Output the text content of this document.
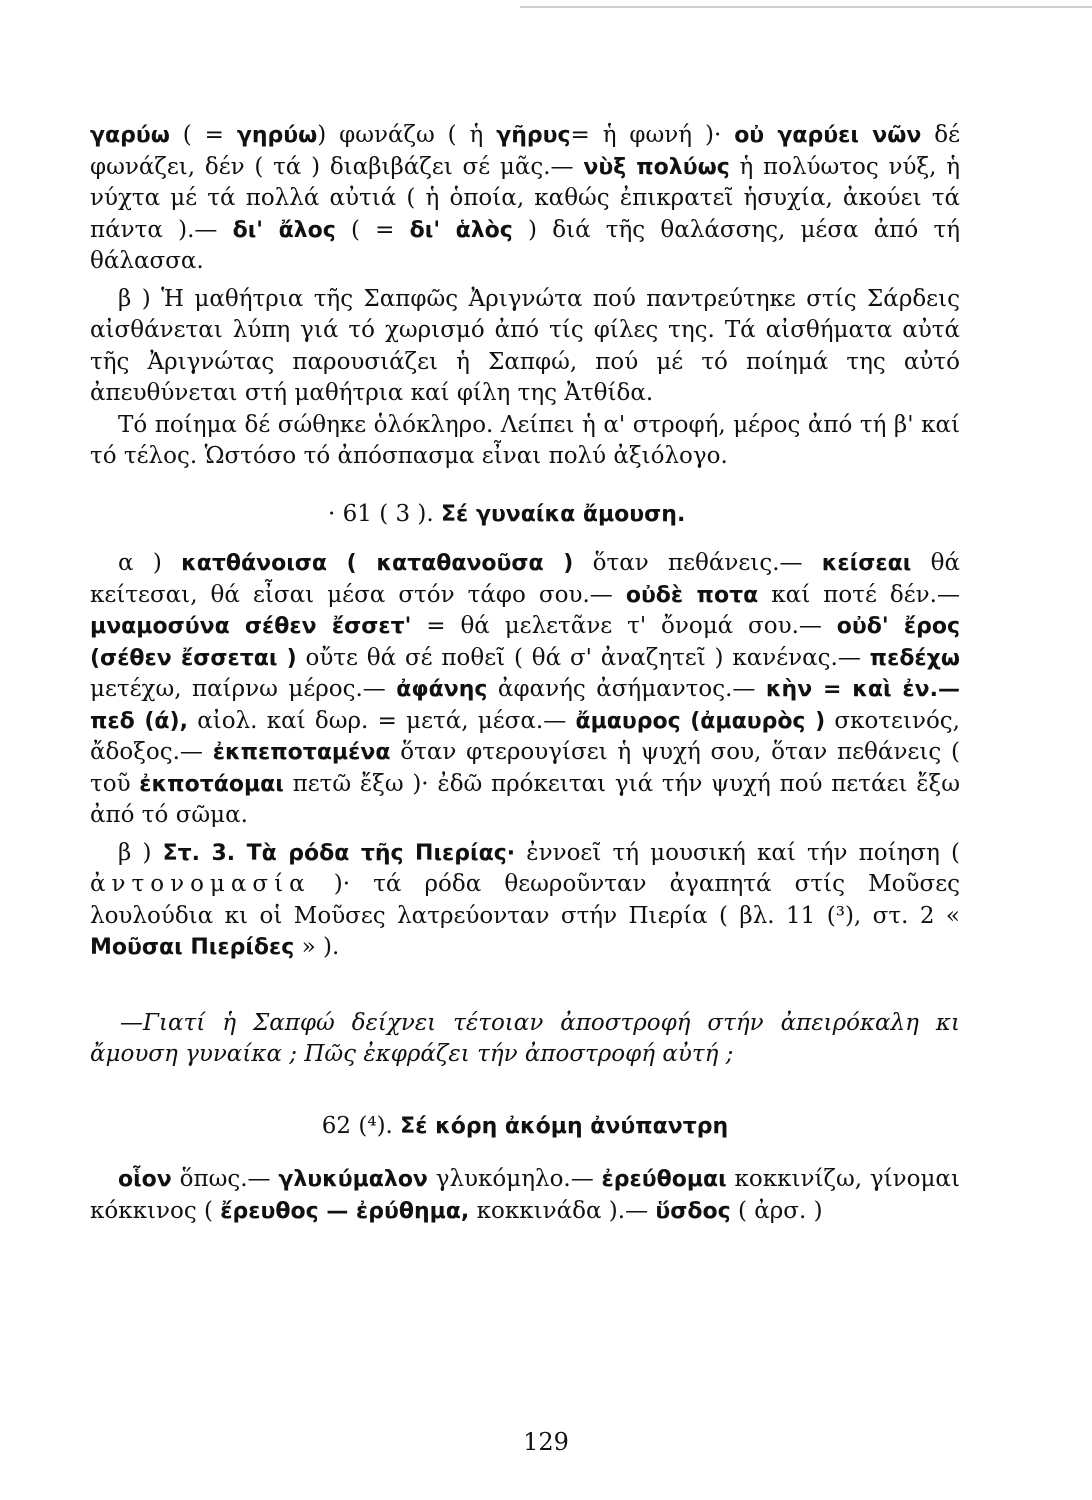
γαρύω ( = γηρύω) φωνάζω ( ἡ γῆρυς= ἡ φωνή )· οὐ γαρύει νῶν δέ φωνάζει, δέν ( τά ) διαβιβάζει σέ μᾶς.— νὺξ πολύως ἡ πολύωτος νύξ, ἡ νύχτα μέ τά πολλά αὐτιά ( ἡ ὁποία, καθώς ἐπικρατεῖ ἡσυχία, ἀκούει τά πάντα ).— δι' ἄλος ( = δι' ἁλὸς ) διά τῆς θαλάσσης, μέσα ἀπό τή θάλασσα.

β ) Ἡ μαθήτρια τῆς Σαπφῶς Ἀριγνώτα πού παντρεύτηκε στίς Σάρδεις αἰσθάνεται λύπη γιά τό χωρισμό ἀπό τίς φίλες της. Τά αἰσθήματα αὐτά τῆς Ἀριγνώτας παρουσιάζει ἡ Σαπφώ, πού μέ τό ποίημά της αὐτό ἀπευθύνεται στή μαθήτρια καί φίλη της Ἀτθίδα.

Τό ποίημα δέ σώθηκε ὁλόκληρο. Λείπει ἡ α' στροφή, μέρος ἀπό τή β' καί τό τέλος. Ὡστόσο τό ἀπόσπασμα εἶναι πολύ ἀξιόλογο.

· 61 ( 3 ). Σέ γυναίκα ἄμουση.

α ) κατθάνοισα ( καταθανοῦσα ) ὅταν πεθάνεις.— κείσεαι θά κείτεσαι, θά εἶσαι μέσα στόν τάφο σου.— οὐδὲ ποτα καί ποτέ δέν.— μναμοσύνα σέθεν ἔσσετ' = θά μελετᾶνε τ' ὄνομά σου.— οὐδ' ἔρος (σέθεν ἔσσεται ) οὔτε θά σέ ποθεῖ ( θά σ' ἀναζητεῖ ) κανένας.— πεδέχω μετέχω, παίρνω μέρος.— ἀφάνης ἀφανής ἀσήμαντος.— κὴν = καὶ ἐν.— πεδ (ά), αἰολ. καί δωρ. = μετά, μέσα.— ἄμαυρος (ἀμαυρὸς ) σκοτεινός, ἄδοξος.— ἐκπεποταμένα ὅταν φτερουγίσει ἡ ψυχή σου, ὅταν πεθάνεις ( τοῦ ἐκποτάομαι πετῶ ἔξω )· ἐδῶ πρόκειται γιά τήν ψυχή πού πετάει ἔξω ἀπό τό σῶμα.

β ) Στ. 3. Τὰ ρόδα τῆς Πιερίας· ἐννοεῖ τή μουσική καί τήν ποίηση ( ἀντονομασία )· τά ρόδα θεωροῦνταν ἀγαπητά στίς Μοῦσες λουλούδια κι οἱ Μοῦσες λατρεύονταν στήν Πιερία ( βλ. 11 (³), στ. 2 « Μοῦσαι Πιερίδες » ).

—Γιατί ἡ Σαπφώ δείχνει τέτοιαν ἀποστροφή στήν ἀπειρόκαλη κι ἄμουση γυναίκα ; Πῶς ἐκφράζει τήν ἀποστροφή αὐτή ;

62 (⁴). Σέ κόρη ἀκόμη ἀνύπαντρη

οἷον ὅπως.— γλυκύμαλον γλυκόμηλο.— ἐρεύθομαι κοκκινίζω, γίνομαι κόκκινος ( ἔρευθος — ἐρύθημα, κοκκινάδα ).— ὕσδος ( ἀρσ. )

129
